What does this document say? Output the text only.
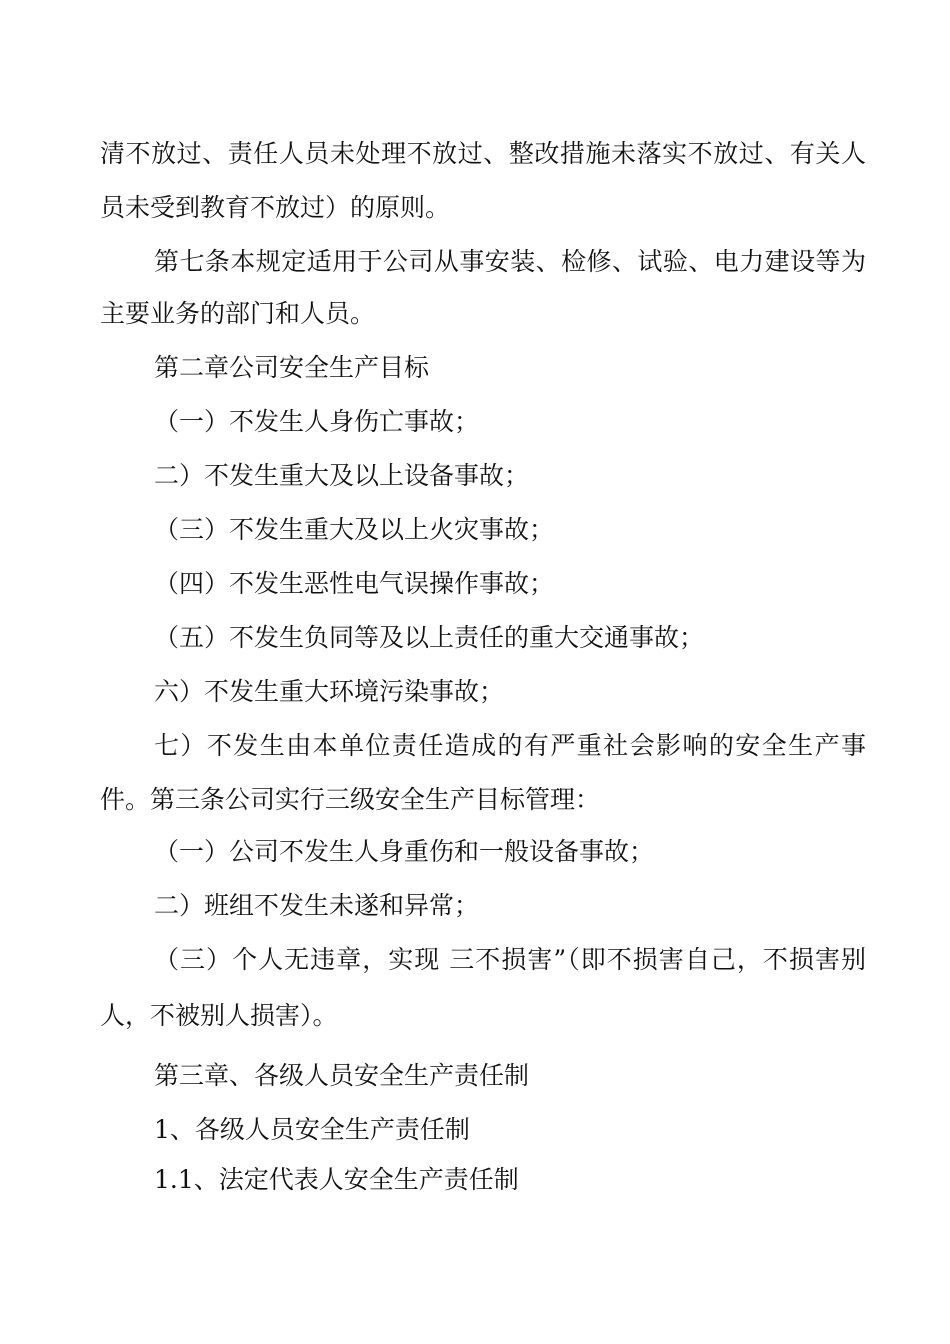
清不放过、责任人员未处理不放过、整改措施未落实不放过、有关人
员未受到教育不放过）的原则。
第七条本规定适用于公司从事安装、检修、试验、电力建设等为
主要业务的部门和人员。
第二章公司安全生产目标
（一）不发生人身伤亡事故；
二）不发生重大及以上设备事故；
（三）不发生重大及以上火灾事故；
（四）不发生恶性电气误操作事故；
（五）不发生负同等及以上责任的重大交通事故；
六）不发生重大环境污染事故；
七）不发生由本单位责任造成的有严重社会影响的安全生产事
件。第三条公司实行三级安全生产目标管理：
（一）公司不发生人身重伤和一般设备事故；
二）班组不发生未遂和异常；
（三）个人无违章，实现 三不损害”（即不损害自己，不损害别
人，不被别人损害）。
第三章、各级人员安全生产责任制
1、各级人员安全生产责任制
1.1、法定代表人安全生产责任制
